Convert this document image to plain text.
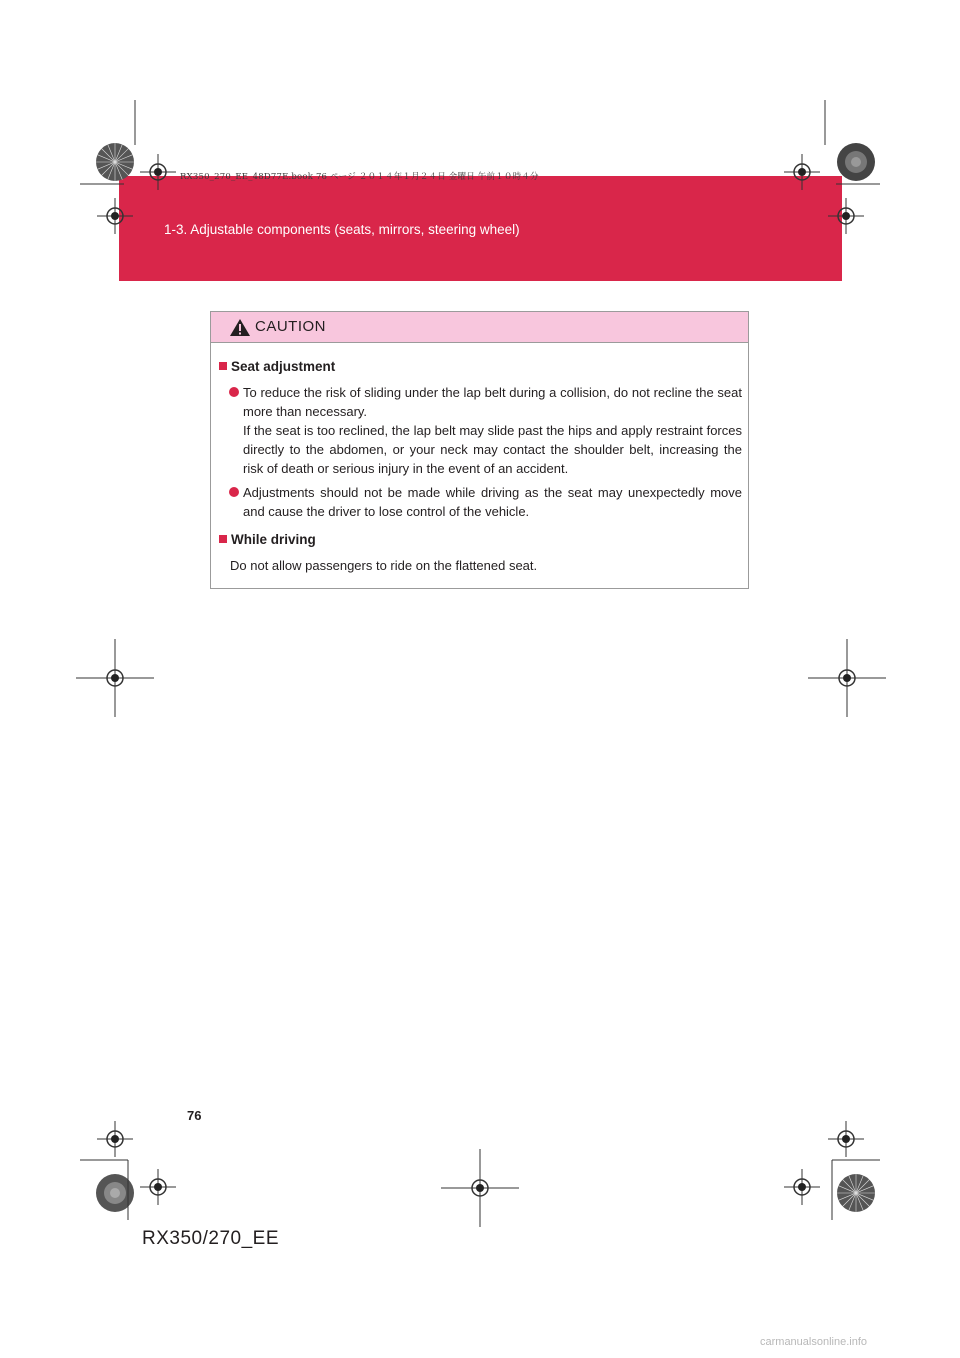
1-3. Adjustable components (seats, mirrors, steering wheel)
RX350_270_EE_48D77E.book 76 ページ ２０１４年１月２４日 金曜日 午前１０時４分
CAUTION
Seat adjustment

To reduce the risk of sliding under the lap belt during a collision, do not recline the seat more than necessary.

If the seat is too reclined, the lap belt may slide past the hips and apply restraint forces directly to the abdomen, or your neck may contact the shoulder belt, increasing the risk of death or serious injury in the event of an accident.

Adjustments should not be made while driving as the seat may unexpectedly move and cause the driver to lose control of the vehicle.

While driving

Do not allow passengers to ride on the flattened seat.

76
RX350/270_EE
carmanualsonline.info
